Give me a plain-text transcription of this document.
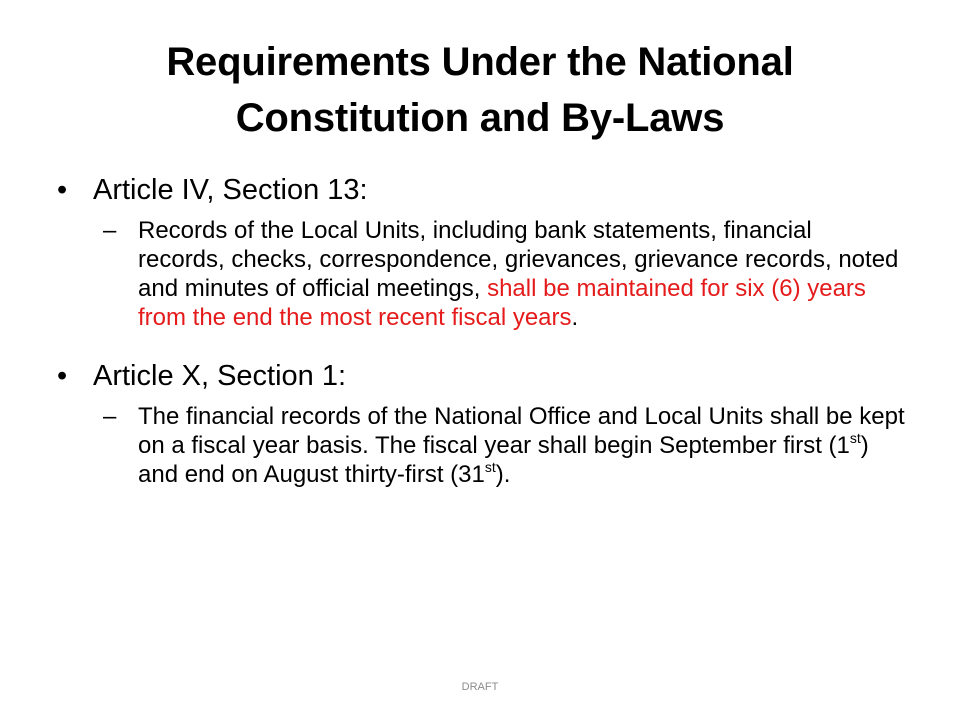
Requirements Under the National
Constitution and By-Laws
• Article IV, Section 13:
– Records of the Local Units, including bank statements, financial records, checks, correspondence, grievances, grievance records, noted and minutes of official meetings, shall be maintained for six (6) years from the end the most recent fiscal years.
• Article X, Section 1:
– The financial records of the National Office and Local Units shall be kept on a fiscal year basis. The fiscal year shall begin September first (1st) and end on August thirty-first (31st).
DRAFT
